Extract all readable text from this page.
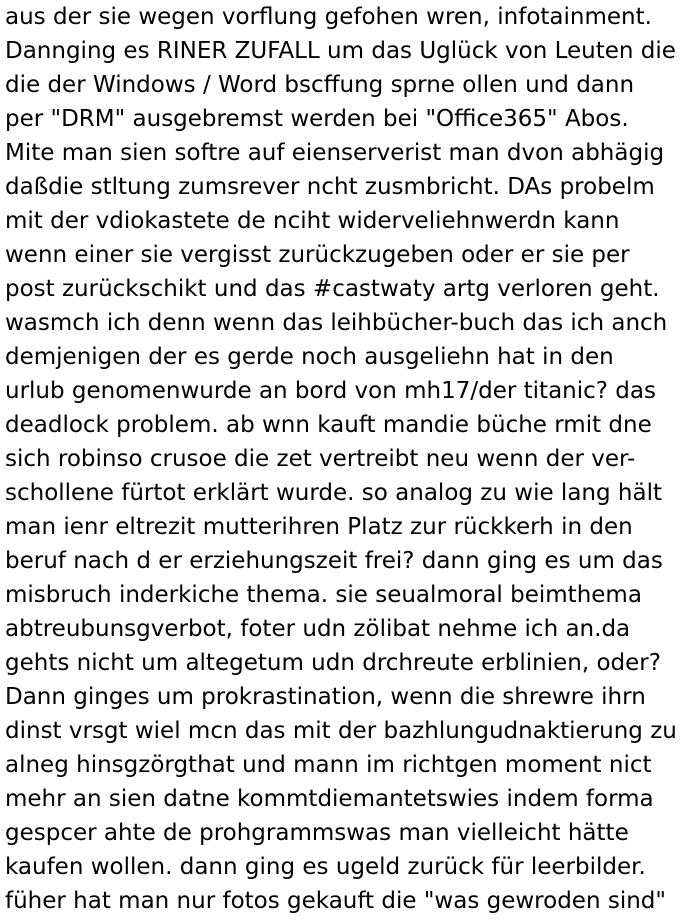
aus der sie wegen vorflung gefohen wren, infotainment.
Dannging es RINER ZUFALL um das Uglück von Leuten die
die der Windows / Word bscffung sprne ollen und dann
per "DRM" ausgebremst werden bei "Office365" Abos.
Mite man sien softre auf eienserverist man dvon abhägig
daßdie stltung zumsrever ncht zusmbricht. DAs probelm
mit der vdiokastete de nciht widerveliehnwerdn kann
wenn einer sie vergisst zurückzugeben oder er sie per
post zurückschikt und das #castwaty artg verloren geht.
wasmch ich denn wenn das leihbücher-buch das ich anch
demjenigen der es gerde noch ausgeliehn hat in den
urlub genomenwurde an bord von mh17/der titanic? das
deadlock problem. ab wnn kauft mandie büche rmit dne
sich robinso crusoe die zet vertreibt neu wenn der ver-
schollene fürtot erklärt wurde. so analog zu wie lang hält
man ienr eltrezit mutterihren Platz zur rückkerh in den
beruf nach d er erziehungszeit frei? dann ging es um das
misbruch inderkiche thema. sie seualmoral beimthema
abtreubunsgverbot, foter udn zölibat nehme ich an.da
gehts nicht um altegetum udn drchreute erblinien, oder?
Dann ginges um prokrastination, wenn die shrewre ihrn
dinst vrsgt wiel mcn das mit der bazhlungudnaktierung zu
alneg hinsgzörgthat und mann im richtgen moment nict
mehr an sien datne kommtdiemantetswies indem forma
gespcer ahte de prohgrammswas man vielleicht hätte
kaufen wollen. dann ging es ugeld zurück für leerbilder.
füher hat man nur fotos gekauft die "was gewroden sind"
